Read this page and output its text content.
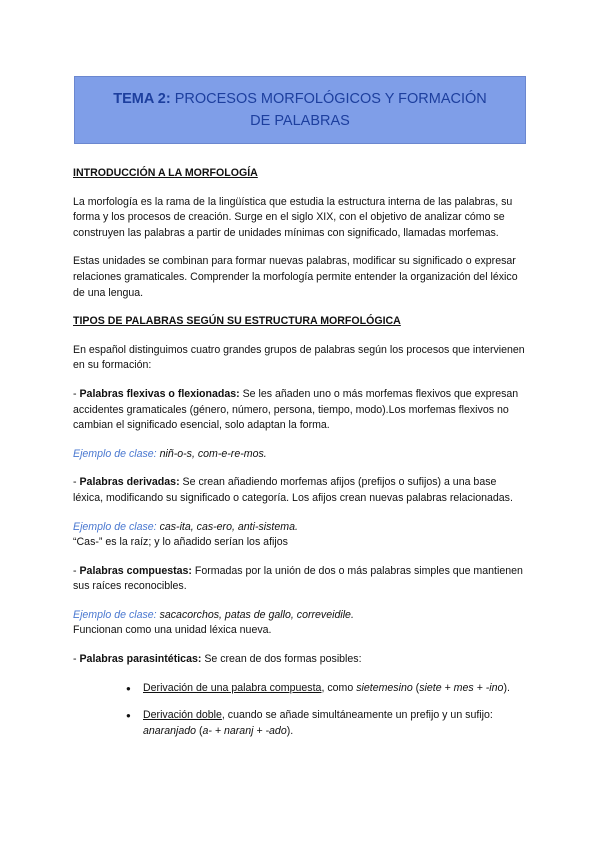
TEMA 2: PROCESOS MORFOLÓGICOS Y FORMACIÓN DE PALABRAS
INTRODUCCIÓN A LA MORFOLOGÍA

La morfología es la rama de la lingüística que estudia la estructura interna de las palabras, su forma y los procesos de creación. Surge en el siglo XIX, con el objetivo de analizar cómo se construyen las palabras a partir de unidades mínimas con significado, llamadas morfemas.

Estas unidades se combinan para formar nuevas palabras, modificar su significado o expresar relaciones gramaticales. Comprender la morfología permite entender la organización del léxico de una lengua.

TIPOS DE PALABRAS SEGÚN SU ESTRUCTURA MORFOLÓGICA

En español distinguimos cuatro grandes grupos de palabras según los procesos que intervienen en su formación:

- Palabras flexivas o flexionadas: Se les añaden uno o más morfemas flexivos que expresan accidentes gramaticales (género, número, persona, tiempo, modo).Los morfemas flexivos no cambian el significado esencial, solo adaptan la forma.

Ejemplo de clase: niñ-o-s, com-e-re-mos.

- Palabras derivadas: Se crean añadiendo morfemas afijos (prefijos o sufijos) a una base léxica, modificando su significado o categoría. Los afijos crean nuevas palabras relacionadas.

Ejemplo de clase: cas-ita, cas-ero, anti-sistema.
“Cas-” es la raíz; y lo añadido serían los afijos

- Palabras compuestas: Formadas por la unión de dos o más palabras simples que mantienen sus raíces reconocibles.

Ejemplo de clase: sacacorchos, patas de gallo, correveidile.
Funcionan como una unidad léxica nueva.

- Palabras parasintéticas: Se crean de dos formas posibles:

● Derivación de una palabra compuesta, como sietemesino (siete + mes + -ino).
● Derivación doble, cuando se añade simultáneamente un prefijo y un sufijo: anaranjado (a- + naranj + -ado).
